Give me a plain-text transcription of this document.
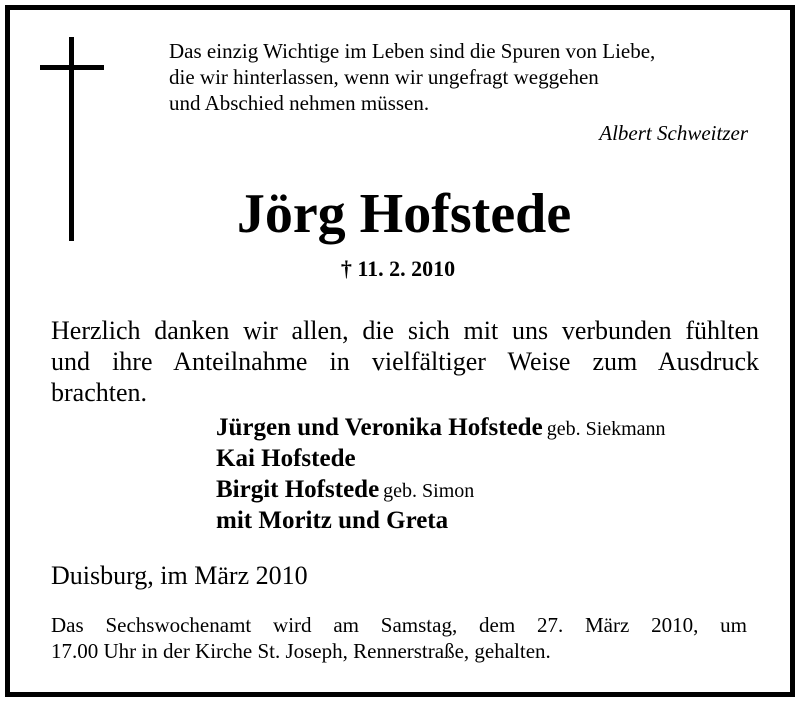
Das einzig Wichtige im Leben sind die Spuren von Liebe,
die wir hinterlassen, wenn wir ungefragt weggehen
und Abschied nehmen müssen.
Albert Schweitzer
Jörg Hofstede
† 11. 2. 2010
Herzlich danken wir allen, die sich mit uns verbunden fühlten
und ihre Anteilnahme in vielfältiger Weise zum Ausdruck
brachten.
Jürgen und Veronika Hofstede geb. Siekmann
Kai Hofstede
Birgit Hofstede geb. Simon
mit Moritz und Greta
Duisburg, im März 2010
Das Sechswochenamt wird am Samstag, dem 27. März 2010, um
17.00 Uhr in der Kirche St. Joseph, Rennerstraße, gehalten.
